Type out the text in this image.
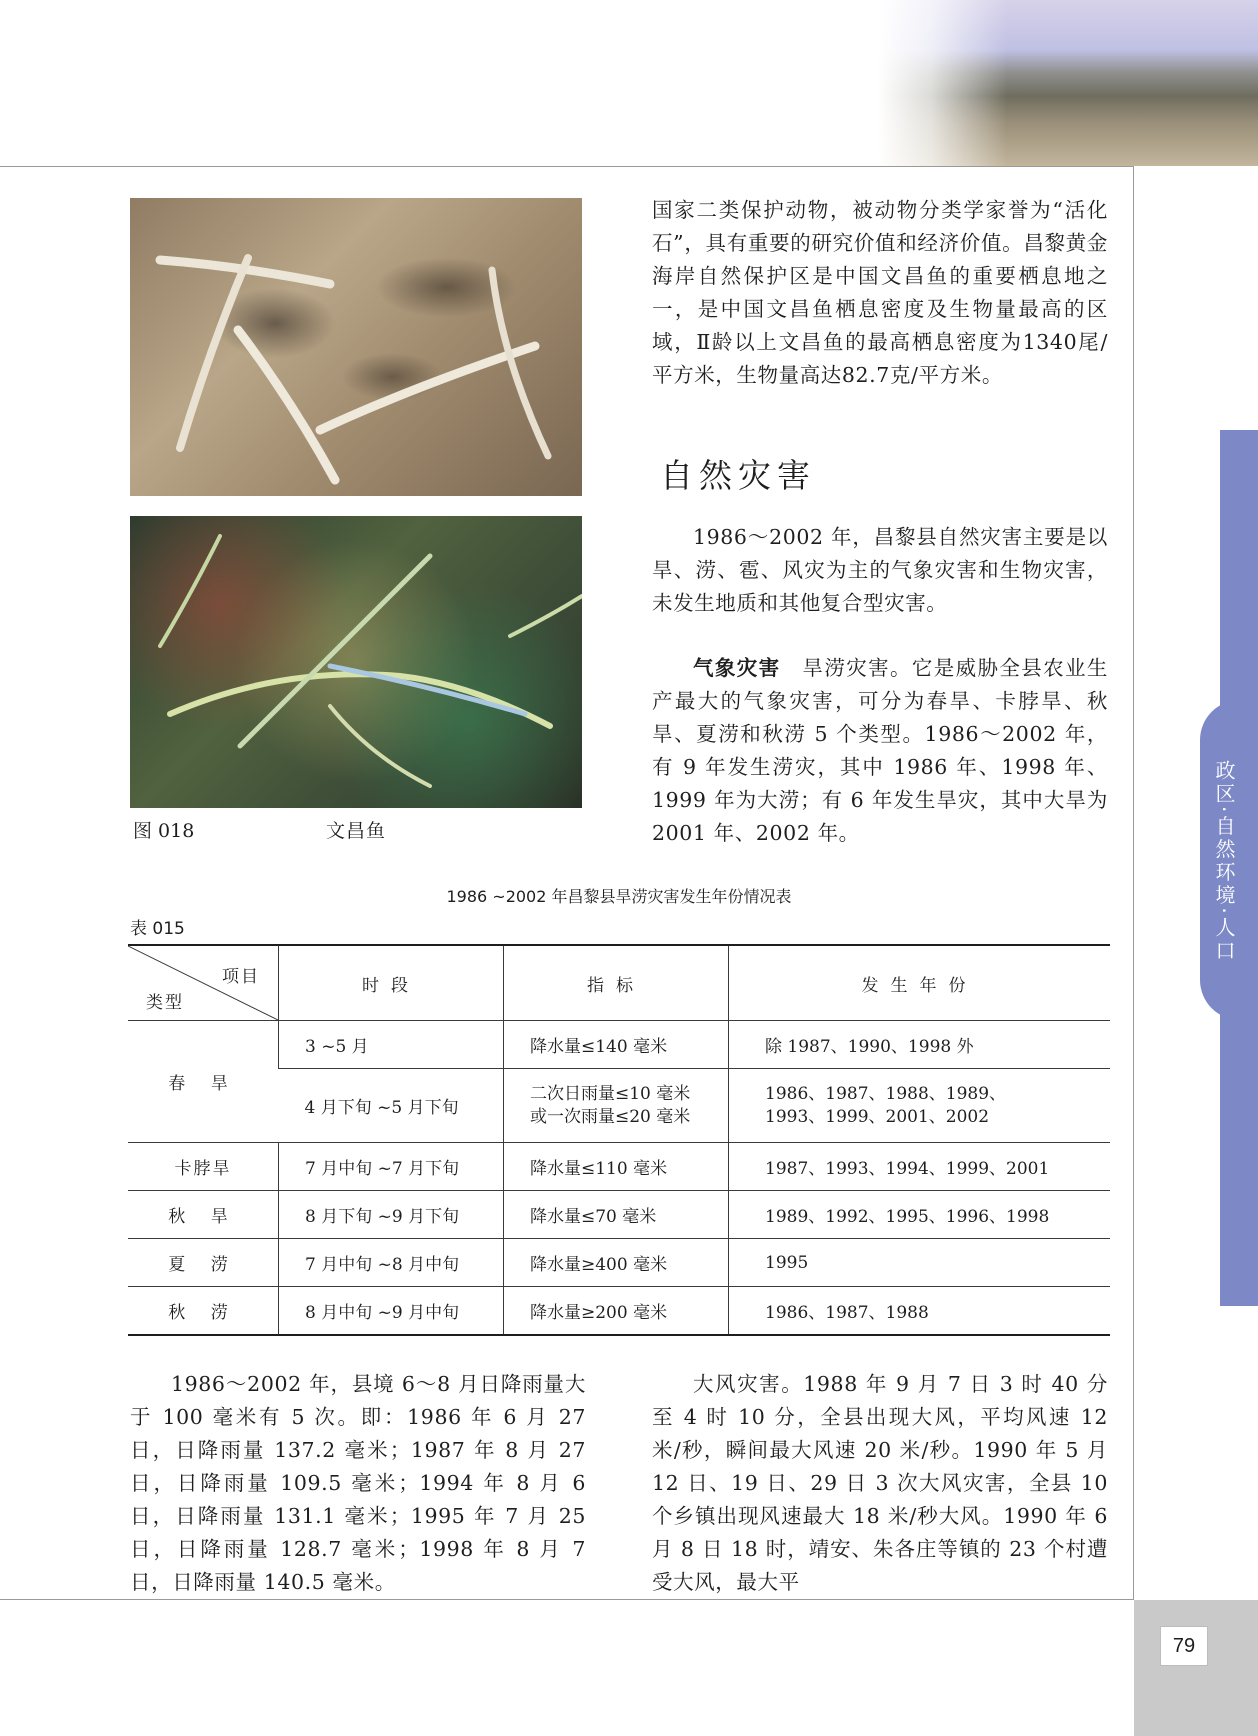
政区·自然环境·人口
图 018	文昌鱼

国家二类保护动物，被动物分类学家誉为“活化石”，具有重要的研究价值和经济价值。昌黎黄金海岸自然保护区是中国文昌鱼的重要栖息地之一，是中国文昌鱼栖息密度及生物量最高的区域，Ⅱ龄以上文昌鱼的最高栖息密度为1340尾/平方米，生物量高达82.7克/平方米。

自然灾害

1986～2002 年，昌黎县自然灾害主要是以旱、涝、雹、风灾为主的气象灾害和生物灾害，未发生地质和其他复合型灾害。

气象灾害　旱涝灾害。它是威胁全县农业生产最大的气象灾害，可分为春旱、卡脖旱、秋旱、夏涝和秋涝 5 个类型。1986～2002 年，有 9 年发生涝灾，其中 1986 年、1998 年、1999 年为大涝；有 6 年发生旱灾，其中大旱为 2001 年、2002 年。

1986 ~2002 年昌黎县旱涝灾害发生年份情况表
表 015
项目
类型	时段	指标	发生年份
春 旱	3 ~5 月	降水量≤140 毫米	除 1987、1990、1998 外
	4 月下旬 ~5 月下旬	二次日雨量≤10 毫米
或一次雨量≤20 毫米	1986、1987、1988、1989、
1993、1999、2001、2002
卡脖旱	7 月中旬 ~7 月下旬	降水量≤110 毫米	1987、1993、1994、1999、2001
秋 旱	8 月下旬 ~9 月下旬	降水量≤70 毫米	1989、1992、1995、1996、1998
夏 涝	7 月中旬 ~8 月中旬	降水量≥400 毫米	1995
秋 涝	8 月中旬 ~9 月中旬	降水量≥200 毫米	1986、1987、1988

1986～2002 年，县境 6～8 月日降雨量大于 100 毫米有 5 次。即：1986 年 6 月 27 日，日降雨量 137.2 毫米；1987 年 8 月 27 日，日降雨量 109.5 毫米；1994 年 8 月 6 日，日降雨量 131.1 毫米；1995 年 7 月 25 日，日降雨量 128.7 毫米；1998 年 8 月 7 日，日降雨量 140.5 毫米。

大风灾害。1988 年 9 月 7 日 3 时 40 分至 4 时 10 分，全县出现大风，平均风速 12 米/秒，瞬间最大风速 20 米/秒。1990 年 5 月 12 日、19 日、29 日 3 次大风灾害，全县 10 个乡镇出现风速最大 18 米/秒大风。1990 年 6 月 8 日 18 时，靖安、朱各庄等镇的 23 个村遭受大风，最大平

79
